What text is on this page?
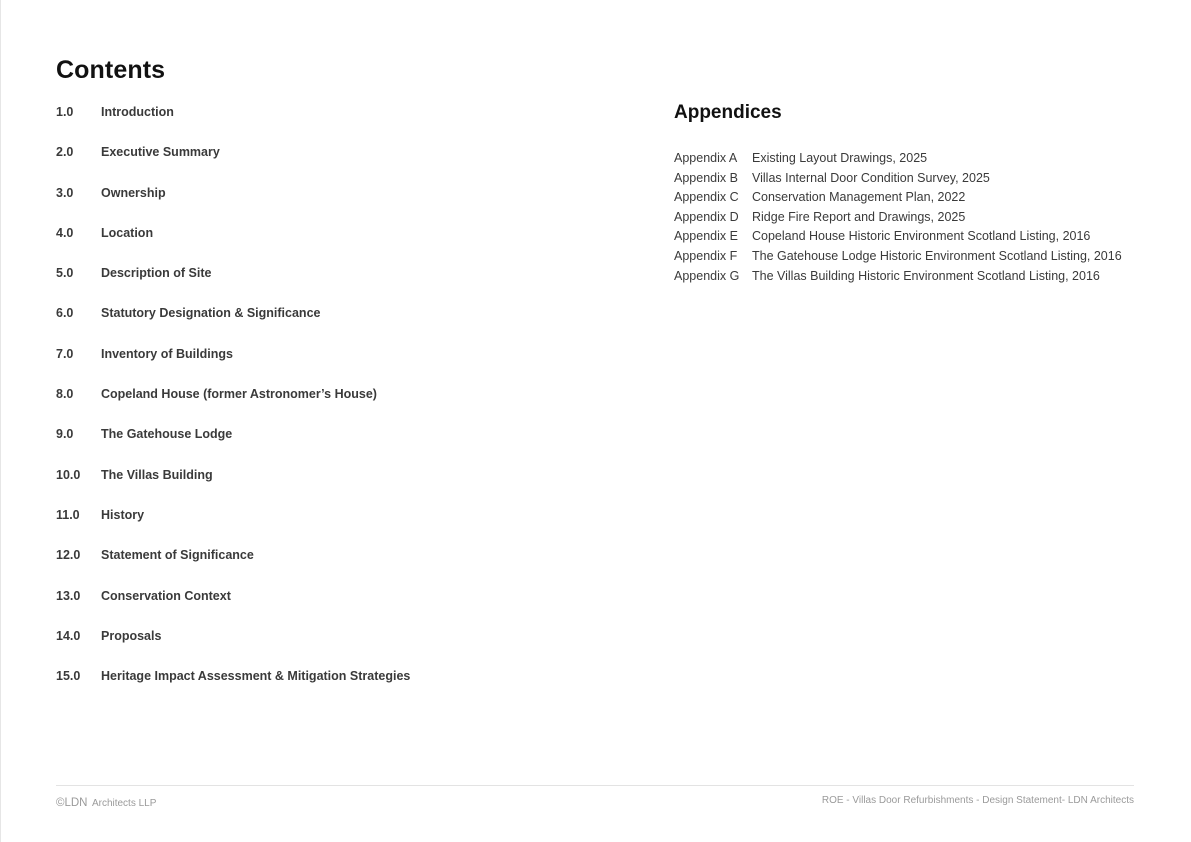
Contents
1.0	Introduction
2.0	Executive Summary
3.0	Ownership
4.0	Location
5.0	Description of Site
6.0	Statutory Designation & Significance
7.0	Inventory of Buildings
8.0	Copeland House (former Astronomer’s House)
9.0	The Gatehouse Lodge
10.0	The Villas Building
11.0	History
12.0	Statement of Significance
13.0	Conservation Context
14.0	Proposals
15.0	Heritage Impact Assessment & Mitigation Strategies
Appendices
Appendix A	Existing Layout Drawings, 2025
Appendix B	Villas Internal Door Condition Survey, 2025
Appendix C	Conservation Management Plan, 2022
Appendix D	Ridge Fire Report and Drawings, 2025
Appendix E	Copeland House Historic Environment Scotland Listing, 2016
Appendix F	The Gatehouse Lodge Historic Environment Scotland Listing, 2016
Appendix G	The Villas Building Historic Environment Scotland Listing, 2016
©LDN Architects LLP	ROE - Villas Door Refurbishments - Design Statement- LDN Architects
